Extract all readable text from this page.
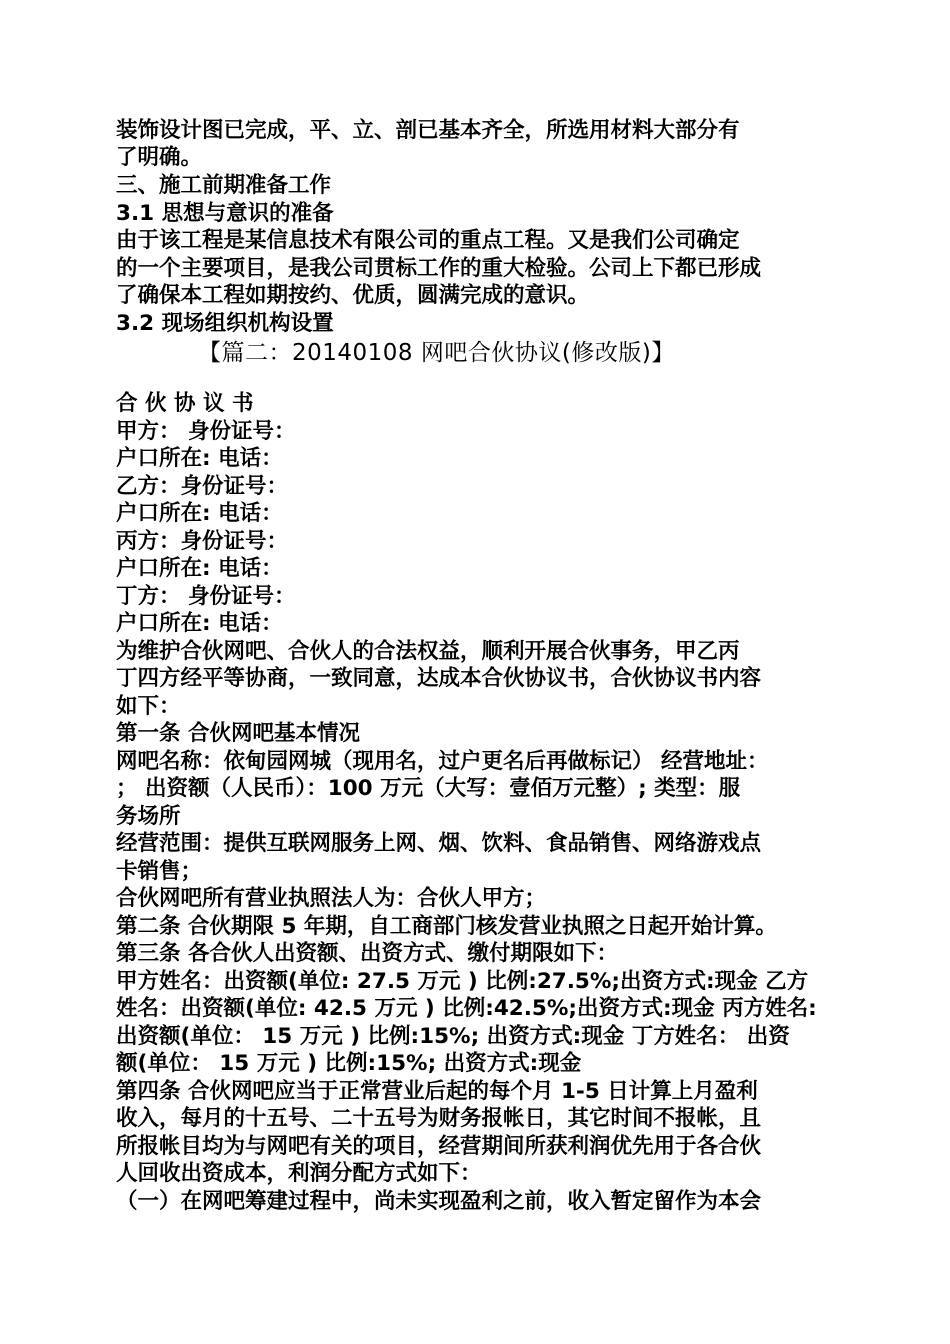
装饰设计图已完成，平、立、剖已基本齐全，所选用材料大部分有
了明确。
三、施工前期准备工作
3.1 思想与意识的准备
由于该工程是某信息技术有限公司的重点工程。又是我们公司确定
的一个主要项目，是我公司贯标工作的重大检验。公司上下都已形成
了确保本工程如期按约、优质，圆满完成的意识。
3.2 现场组织机构设置
【篇二：20140108 网吧合伙协议(修改版)】
合 伙 协 议 书
甲方： 身份证号：
户口所在: 电话：
乙方：身份证号：
户口所在: 电话：
丙方：身份证号：
户口所在: 电话：
丁方： 身份证号：
户口所在: 电话：
为维护合伙网吧、合伙人的合法权益，顺利开展合伙事务，甲乙丙
丁四方经平等协商，一致同意，达成本合伙协议书，合伙协议书内容
如下：
第一条 合伙网吧基本情况
网吧名称：依甸园网城（现用名，过户更名后再做标记） 经营地址：
； 出资额（人民币）：100 万元（大写：壹佰万元整）; 类型：服
务场所
经营范围：提供互联网服务上网、烟、饮料、食品销售、网络游戏点
卡销售；
合伙网吧所有营业执照法人为：合伙人甲方；
第二条 合伙期限 5 年期，自工商部门核发营业执照之日起开始计算。
第三条 各合伙人出资额、出资方式、缴付期限如下：
甲方姓名：出资额(单位: 27.5 万元 ) 比例:27.5%;出资方式:现金 乙方
姓名：出资额(单位: 42.5 万元 ) 比例:42.5%;出资方式:现金 丙方姓名:
出资额(单位： 15 万元 ) 比例:15%; 出资方式:现金 丁方姓名： 出资
额(单位： 15 万元 ) 比例:15%; 出资方式:现金
第四条 合伙网吧应当于正常营业后起的每个月 1-5 日计算上月盈利
收入，每月的十五号、二十五号为财务报帐日，其它时间不报帐，且
所报帐目均为与网吧有关的项目，经营期间所获利润优先用于各合伙
人回收出资成本，利润分配方式如下：
（一）在网吧筹建过程中，尚未实现盈利之前，收入暂定留作为本会
